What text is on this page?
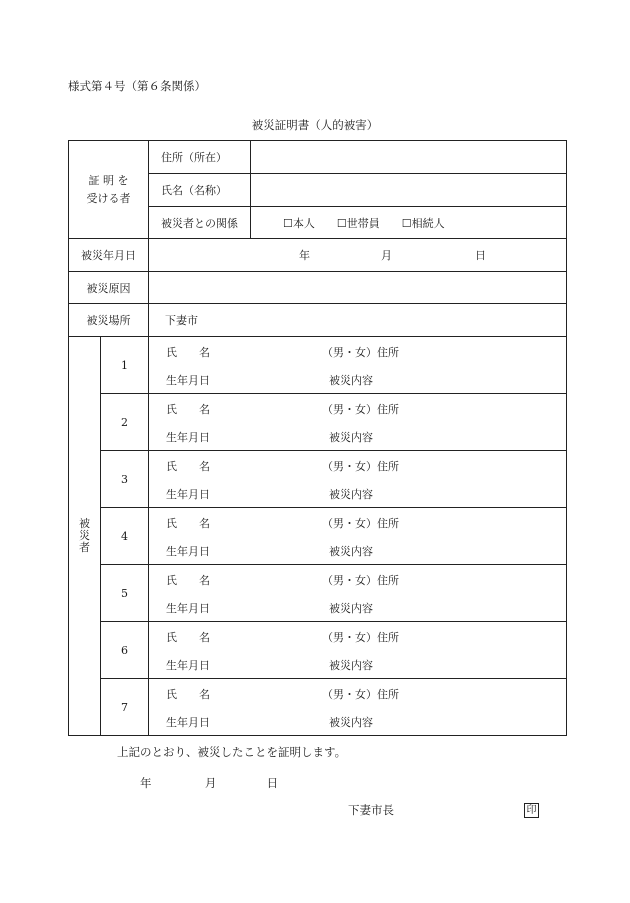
様式第４号（第６条関係）
被災証明書（人的被害）
証 明 を
受ける者		住所（所在）	
		氏名（名称）	
		被災者との関係	☐本人 ☐世帯員 ☐相続人

被災年月日		年 月 日	

被災原因			
被災場所		下妻市	

被
災
者	1	氏　　名 （男・女）住所
生年月日 被災内容	

	2	氏　　名 （男・女）住所
生年月日 被災内容	

	3	氏　　名 （男・女）住所
生年月日 被災内容	

	4	氏　　名 （男・女）住所
生年月日 被災内容	

	5	氏　　名 （男・女）住所
生年月日 被災内容	

	6	氏　　名 （男・女）住所
生年月日 被災内容	

	7	氏　　名 （男・女）住所
生年月日 被災内容	
上記のとおり、被災したことを証明します。
年	月	日
下妻市長	印
